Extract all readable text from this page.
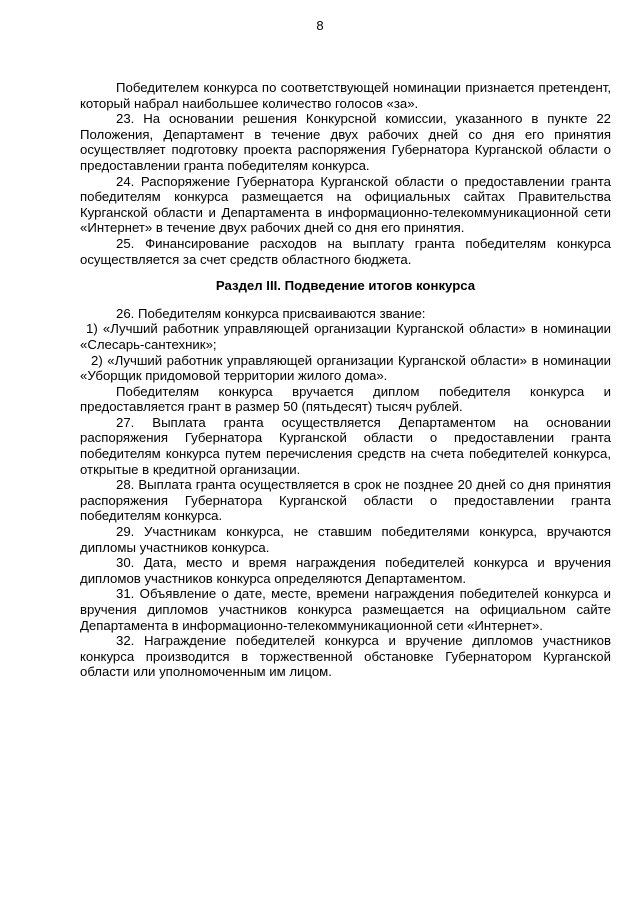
8

Победителем конкурса по соответствующей номинации признается претендент, который набрал наибольшее количество голосов «за».

23. На основании решения Конкурсной комиссии, указанного в пункте 22 Положения, Департамент в течение двух рабочих дней со дня его принятия осуществляет подготовку проекта распоряжения Губернатора Курганской области о предоставлении гранта победителям конкурса.

24. Распоряжение Губернатора Курганской области о предоставлении гранта победителям конкурса размещается на официальных сайтах Правительства Курганской области и Департамента в информационно-телекоммуникационной сети «Интернет» в течение двух рабочих дней со дня его принятия.

25. Финансирование расходов на выплату гранта победителям конкурса осуществляется за счет средств областного бюджета.

Раздел III. Подведение итогов конкурса

26. Победителям конкурса присваиваются звание:

1) «Лучший работник управляющей организации Курганской области» в номинации «Слесарь-сантехник»;

2) «Лучший работник управляющей организации Курганской области» в номинации «Уборщик придомовой территории жилого дома».

Победителям конкурса вручается диплом победителя конкурса и предоставляется грант в размер 50 (пятьдесят) тысяч рублей.

27. Выплата гранта осуществляется Департаментом на основании распоряжения Губернатора Курганской области о предоставлении гранта победителям конкурса путем перечисления средств на счета победителей конкурса, открытые в кредитной организации.

28. Выплата гранта осуществляется в срок не позднее 20 дней со дня принятия распоряжения Губернатора Курганской области о предоставлении гранта победителям конкурса.

29. Участникам конкурса, не ставшим победителями конкурса, вручаются дипломы участников конкурса.

30. Дата, место и время награждения победителей конкурса и вручения дипломов участников конкурса определяются Департаментом.

31. Объявление о дате, месте, времени награждения победителей конкурса и вручения дипломов участников конкурса размещается на официальном сайте Департамента в информационно-телекоммуникационной сети «Интернет».

32. Награждение победителей конкурса и вручение дипломов участников конкурса производится в торжественной обстановке Губернатором Курганской области или уполномоченным им лицом.
